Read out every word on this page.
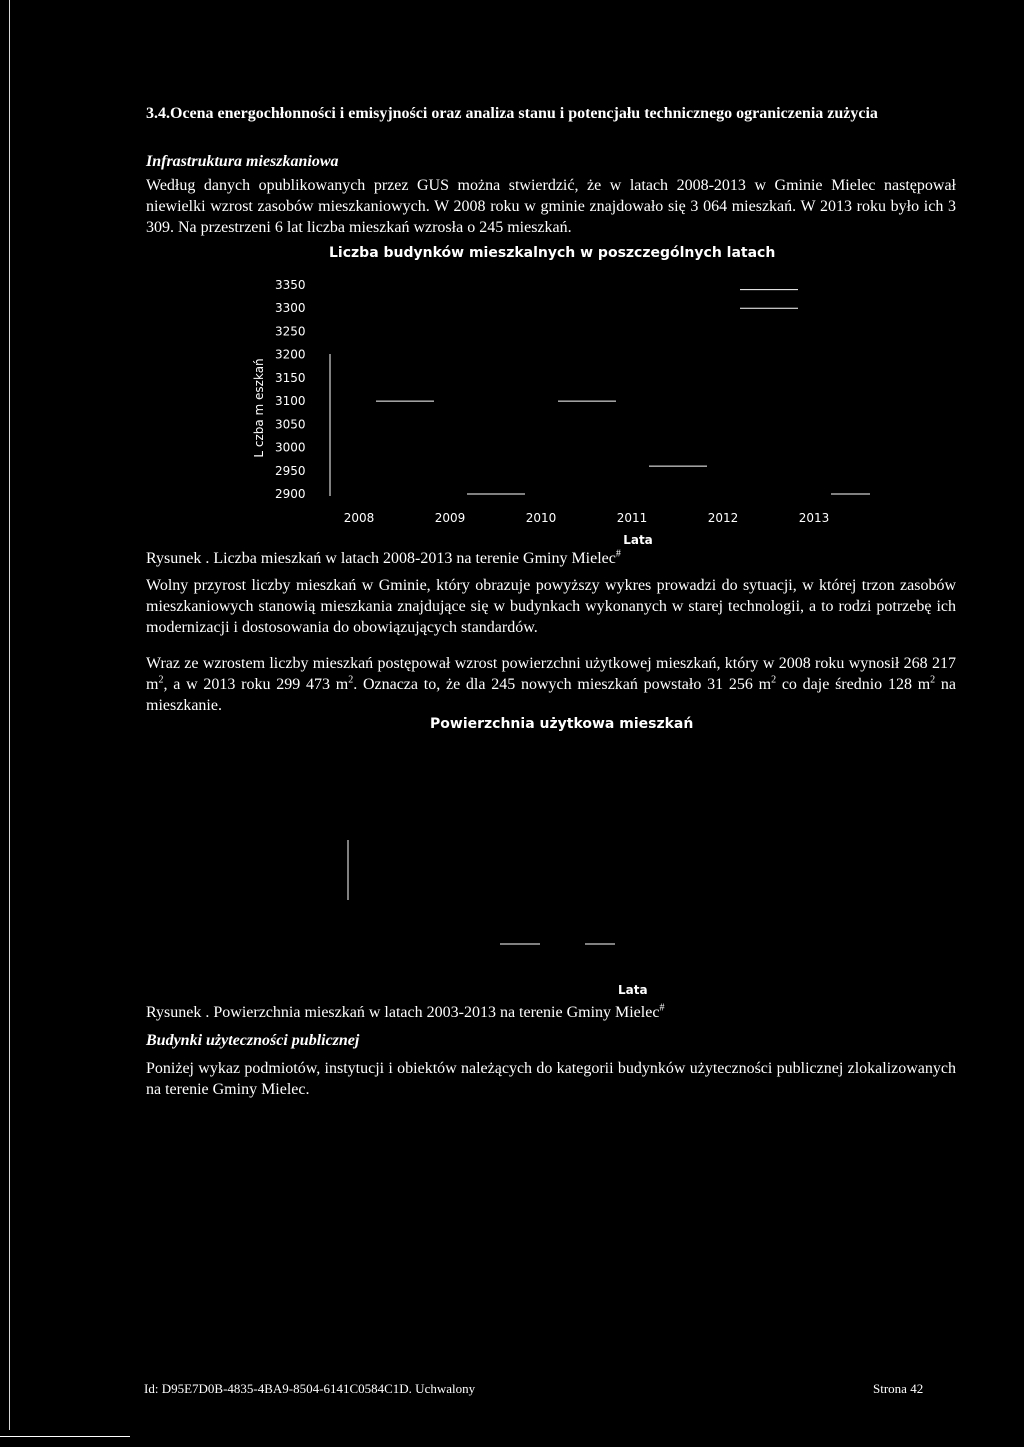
3.4.Ocena energochłonności i emisyjności oraz analiza stanu i potencjału technicznego ograniczenia zużycia
Infrastruktura mieszkaniowa
Według danych opublikowanych przez GUS można stwierdzić, że w latach 2008-2013 w Gminie Mielec następował niewielki wzrost zasobów mieszkaniowych. W 2008 roku w gminie znajdowało się 3 064 mieszkań. W 2013 roku było ich 3 309. Na przestrzeni 6 lat liczba mieszkań wzrosła o 245 mieszkań.
Liczba budynków mieszkalnych w poszczególnych latach
3350
3300
3250
3200
3150
3100
3050
3000
2950
2900
2008	2009	2010	2011	2012	2013
L czba m eszkań
Lata
Rysunek . Liczba mieszkań w latach 2008-2013 na terenie Gminy Mielec#
Wolny przyrost liczby mieszkań w Gminie, który obrazuje powyższy wykres prowadzi do sytuacji, w której trzon zasobów mieszkaniowych stanowią mieszkania znajdujące się w budynkach wykonanych w starej technologii, a to rodzi potrzebę ich modernizacji i dostosowania do obowiązujących standardów.
Wraz ze wzrostem liczby mieszkań postępował wzrost powierzchni użytkowej mieszkań, który w 2008 roku wynosił 268 217 $m^2$, a w 2013 roku 299 473 $m^2$. Oznacza to, że dla 245 nowych mieszkań powstało 31 256 $m^2$ co daje średnio 128 $m^2$ na mieszkanie.
Powierzchnia użytkowa mieszkań
Lata
Rysunek . Powierzchnia mieszkań w latach 2003-2013 na terenie Gminy Mielec#
Budynki użyteczności publicznej
Poniżej wykaz podmiotów, instytucji i obiektów należących do kategorii budynków użyteczności publicznej zlokalizowanych na terenie Gminy Mielec.
Id: D95E7D0B-4835-4BA9-8504-6141C0584C1D. Uchwalony	Strona 42
